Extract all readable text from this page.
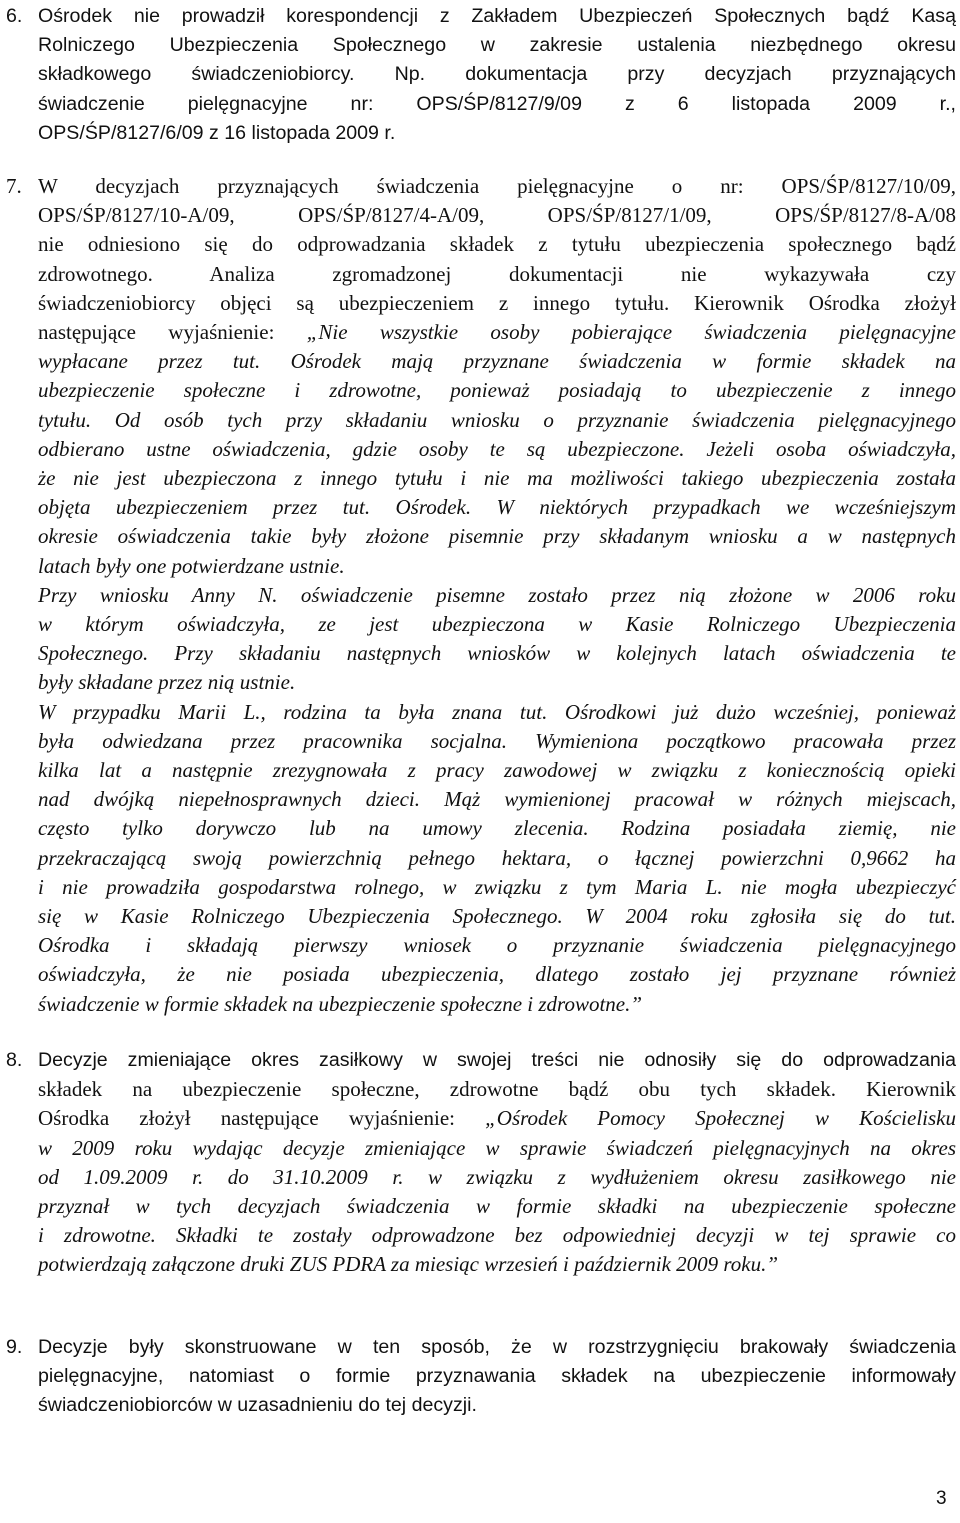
6. Ośrodek nie prowadził korespondencji z Zakładem Ubezpieczeń Społecznych bądź Kasą
Rolniczego Ubezpieczenia Społecznego w zakresie ustalenia niezbędnego okresu
składkowego świadczeniobiorcy. Np. dokumentacja przy decyzjach przyznających
świadczenie pielęgnacyjne nr: OPS/ŚP/8127/9/09 z 6 listopada 2009 r.,
OPS/ŚP/8127/6/09 z 16 listopada 2009 r.
7. W decyzjach przyznających świadczenia pielęgnacyjne o nr: OPS/ŚP/8127/10/09,
OPS/ŚP/8127/10-A/09, OPS/ŚP/8127/4-A/09, OPS/ŚP/8127/1/09, OPS/ŚP/8127/8-A/08
nie odniesiono się do odprowadzania składek z tytułu ubezpieczenia społecznego bądź
zdrowotnego. Analiza zgromadzonej dokumentacji nie wykazywała czy
świadczeniobiorcy objęci są ubezpieczeniem z innego tytułu. Kierownik Ośrodka złożył
następujące wyjaśnienie: „Nie wszystkie osoby pobierające świadczenia pielęgnacyjne
wypłacane przez tut. Ośrodek mają przyznane świadczenia w formie składek na
ubezpieczenie społeczne i zdrowotne, ponieważ posiadają to ubezpieczenie z innego
tytułu. Od osób tych przy składaniu wniosku o przyznanie świadczenia pielęgnacyjnego
odbierano ustne oświadczenia, gdzie osoby te są ubezpieczone. Jeżeli osoba oświadczyła,
że nie jest ubezpieczona z innego tytułu i nie ma możliwości takiego ubezpieczenia została
objęta ubezpieczeniem przez tut. Ośrodek. W niektórych przypadkach we wcześniejszym
okresie oświadczenia takie były złożone pisemnie przy składanym wniosku a w następnych
latach były one potwierdzane ustnie.
Przy wniosku Anny N. oświadczenie pisemne zostało przez nią złożone w 2006 roku
w którym oświadczyła, ze jest ubezpieczona w Kasie Rolniczego Ubezpieczenia
Społecznego. Przy składaniu następnych wniosków w kolejnych latach oświadczenia te
były składane przez nią ustnie.
W przypadku Marii L., rodzina ta była znana tut. Ośrodkowi już dużo wcześniej, ponieważ
była odwiedzana przez pracownika socjalna. Wymieniona początkowo pracowała przez
kilka lat a następnie zrezygnowała z pracy zawodowej w związku z koniecznością opieki
nad dwójką niepełnosprawnych dzieci. Mąż wymienionej pracował w różnych miejscach,
często tylko dorywczo lub na umowy zlecenia. Rodzina posiadała ziemię, nie
przekraczającą swoją powierzchnią pełnego hektara, o łącznej powierzchni 0,9662 ha
i nie prowadziła gospodarstwa rolnego, w związku z tym Maria L. nie mogła ubezpieczyć
się w Kasie Rolniczego Ubezpieczenia Społecznego. W 2004 roku zgłosiła się do tut.
Ośrodka i składają pierwszy wniosek o przyznanie świadczenia pielęgnacyjnego
oświadczyła, że nie posiada ubezpieczenia, dlatego zostało jej przyznane również
świadczenie w formie składek na ubezpieczenie społeczne i zdrowotne.”
8. Decyzje zmieniające okres zasiłkowy w swojej treści nie odnosiły się do odprowadzania
składek na ubezpieczenie społeczne, zdrowotne bądź obu tych składek. Kierownik
Ośrodka złożył następujące wyjaśnienie: „Ośrodek Pomocy Społecznej w Kościelisku
w 2009 roku wydając decyzje zmieniające w sprawie świadczeń pielęgnacyjnych na okres
od 1.09.2009 r. do 31.10.2009 r. w związku z wydłużeniem okresu zasiłkowego nie
przyznał w tych decyzjach świadczenia w formie składki na ubezpieczenie społeczne
i zdrowotne. Składki te zostały odprowadzone bez odpowiedniej decyzji w tej sprawie co
potwierdzają załączone druki ZUS PDRA za miesiąc wrzesień i październik 2009 roku.”
9. Decyzje były skonstruowane w ten sposób, że w rozstrzygnięciu brakowały świadczenia
pielęgnacyjne, natomiast o formie przyznawania składek na ubezpieczenie informowały
świadczeniobiorców w uzasadnieniu do tej decyzji.

3
